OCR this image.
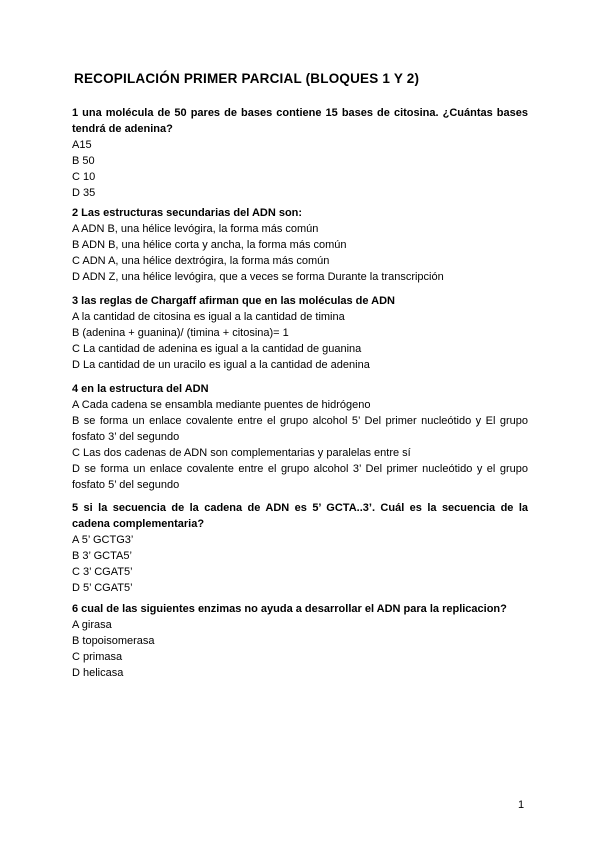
RECOPILACIÓN PRIMER PARCIAL (BLOQUES 1 Y 2)
1 una molécula de 50 pares de bases contiene 15 bases de citosina. ¿Cuántas bases tendrá de adenina?
A15
B 50
C 10
D 35
2 Las estructuras secundarias del ADN son:
A ADN B, una hélice levógira, la forma más común
B ADN B, una hélice corta y ancha, la forma más común
C ADN A, una hélice dextrógira, la forma más común
D ADN Z, una hélice levógira, que a veces se forma Durante la transcripción
3 las reglas de Chargaff afirman que en las moléculas de ADN
A la cantidad de citosina es igual a la cantidad de timina
B (adenina + guanina)/ (timina + citosina)= 1
C La cantidad de adenina es igual a la cantidad de guanina
D La cantidad de un uracilo es igual a la cantidad de adenina
4 en la estructura del ADN
A Cada cadena se ensambla mediante puentes de hidrógeno
B se forma un enlace covalente entre el grupo alcohol 5’ Del primer nucleótido y El grupo fosfato 3’ del segundo
C Las dos cadenas de ADN son complementarias y paralelas entre sí
D se forma un enlace covalente entre el grupo alcohol 3’ Del primer nucleótido y el grupo fosfato 5’ del segundo
5 si la secuencia de la cadena de ADN es 5’ GCTA..3’. Cuál es la secuencia de la cadena complementaria?
A 5’ GCTG3’
B 3’ GCTA5’
C 3’ CGAT5’
D 5’ CGAT5’
6 cual de las siguientes enzimas no ayuda a desarrollar el ADN para la replicacion?
A girasa
B topoisomerasa
C primasa
D helicasa
1
